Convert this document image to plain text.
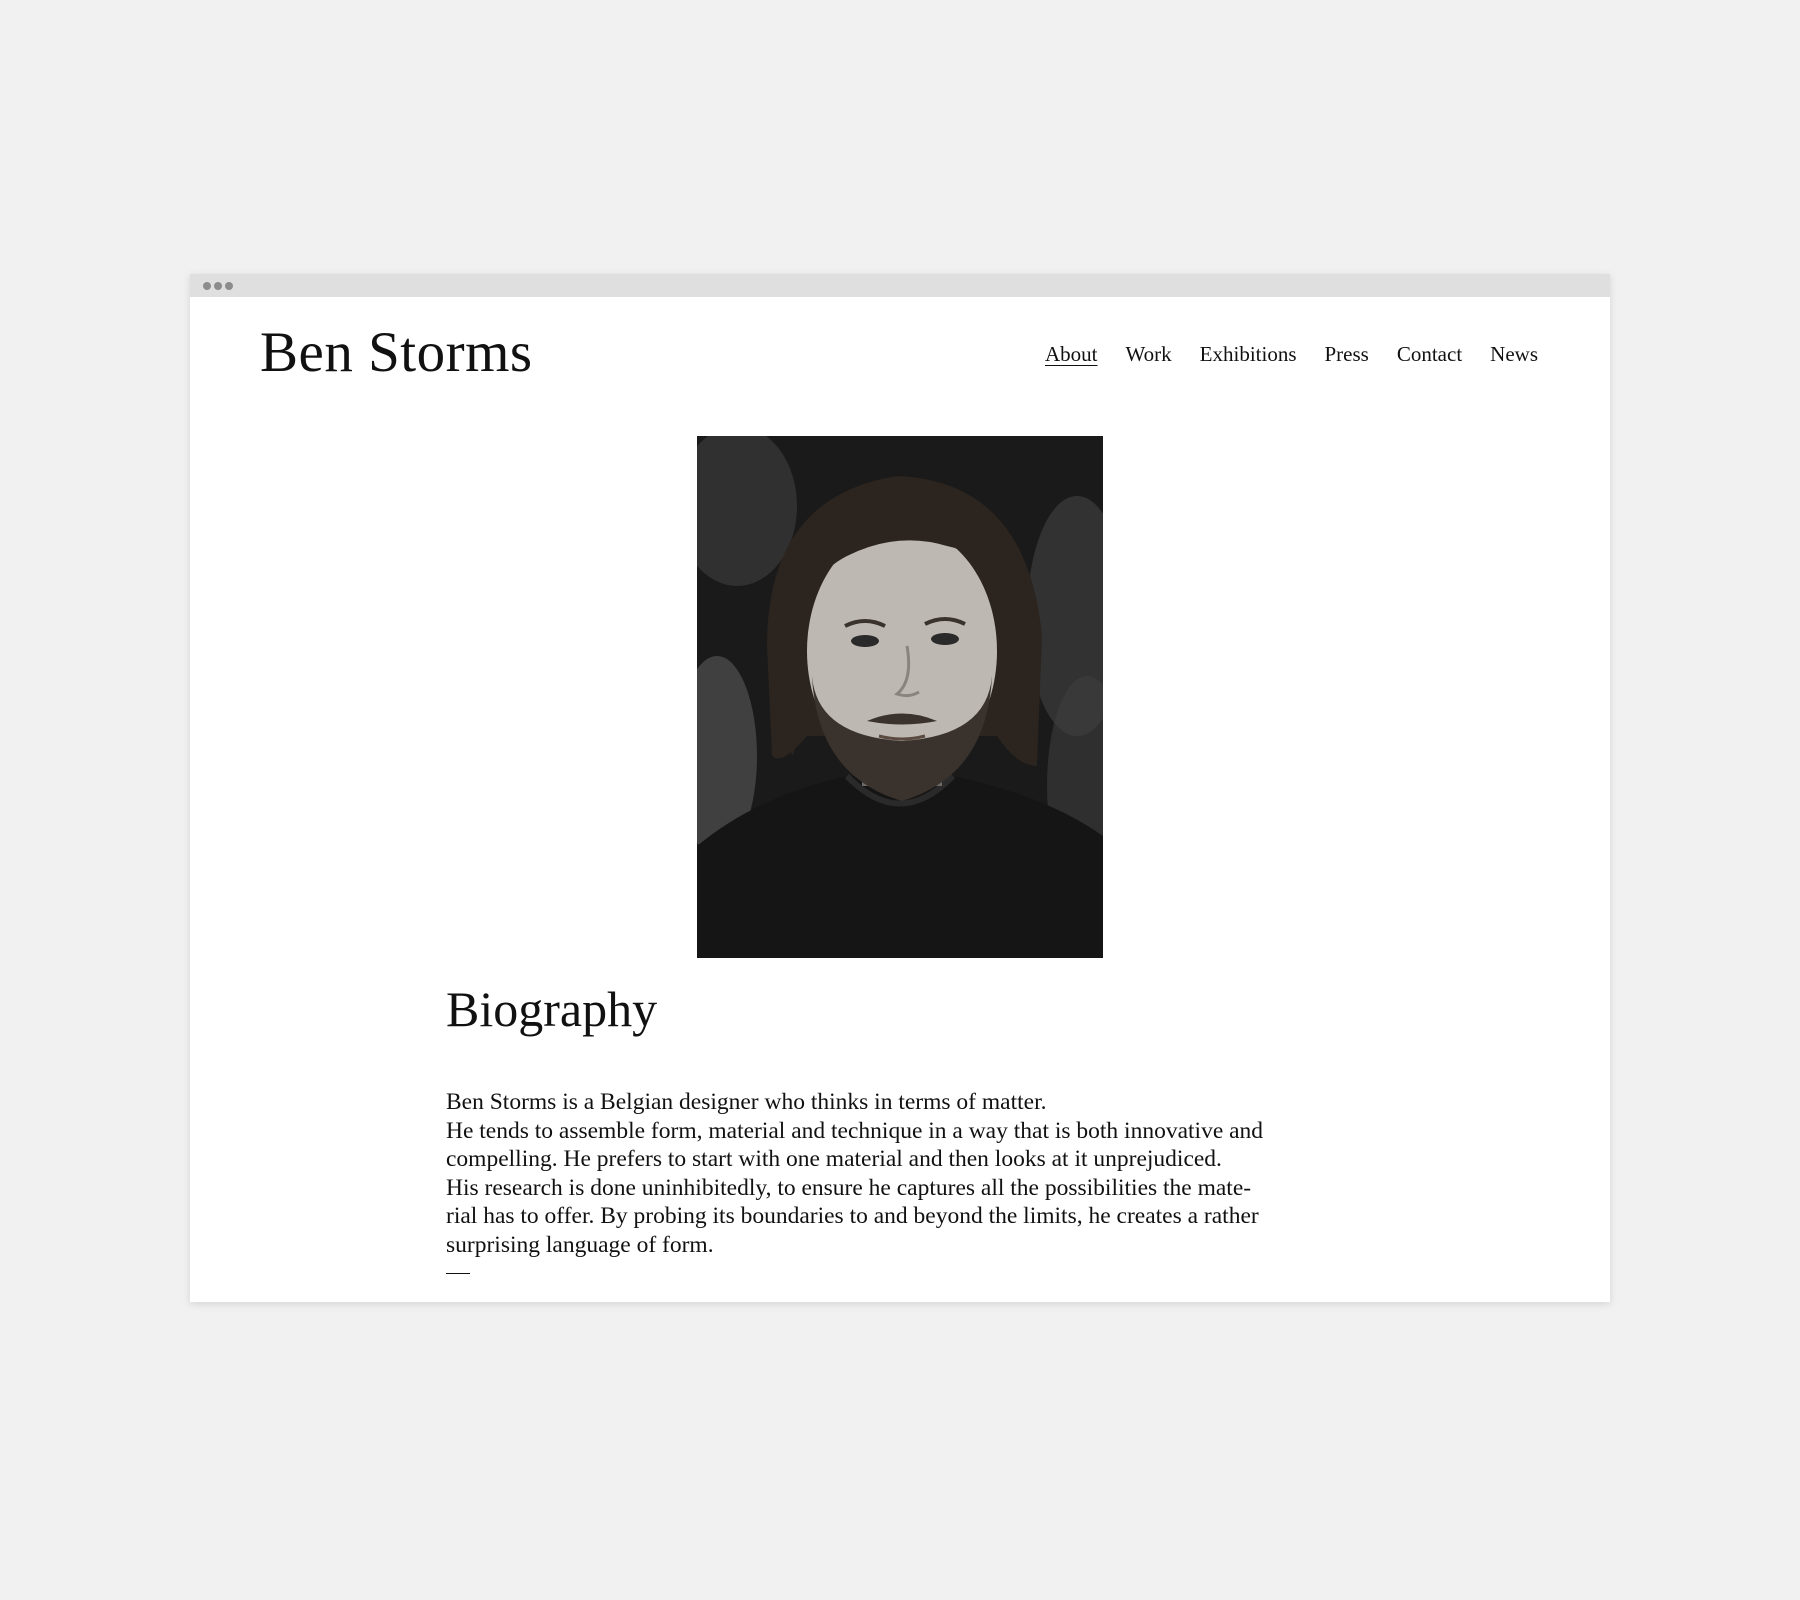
Ben Storms	About Work Exhibitions Press Contact News
Biography

Ben Storms is a Belgian designer who thinks in terms of matter.

He tends to assemble form, material and technique in a way that is both innovative and

compelling. He prefers to start with one material and then looks at it unprejudiced.

His research is done uninhibitedly, to ensure he captures all the possibilities the mate-

rial has to offer. By probing its boundaries to and beyond the limits, he creates a rather

surprising language of form.
